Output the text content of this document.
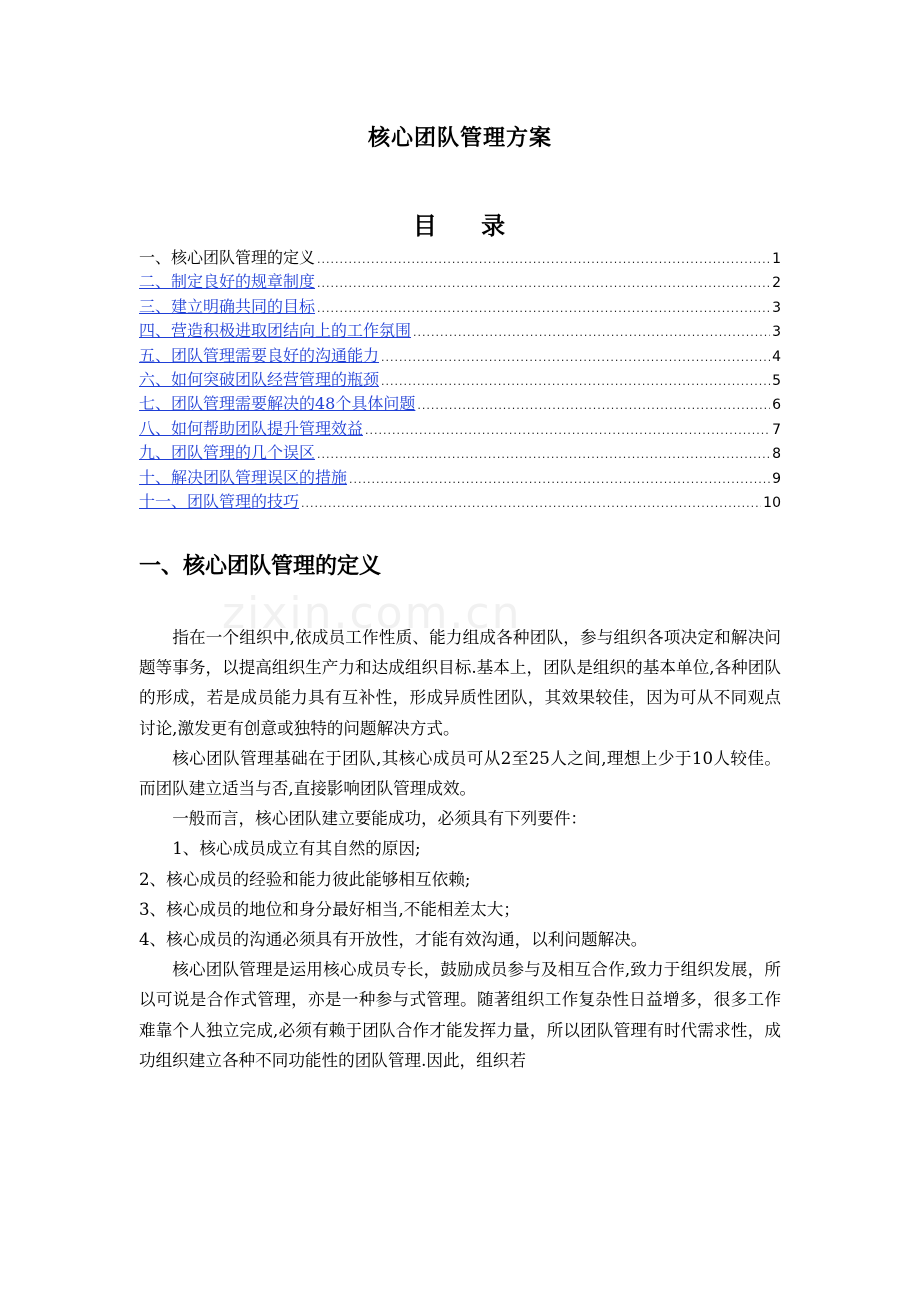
核心团队管理方案
目 录
一、核心团队管理的定义 .....	1
二、制定良好的规章制度 .....	2
三、建立明确共同的目标 .....	3
四、营造积极进取团结向上的工作氛围 .....	3
五、团队管理需要良好的沟通能力 .....	4
六、如何突破团队经营管理的瓶颈 .....	5
七、团队管理需要解决的48个具体问题 .....	6
八、如何帮助团队提升管理效益 .....	7
九、团队管理的几个误区 .....	8
十、解决团队管理误区的措施 .....	9
十一、团队管理的技巧 .....	10
zixin.com.cn
一、核心团队管理的定义

指在一个组织中,依成员工作性质、能力组成各种团队，参与组织各项决定和解决问题等事务，以提高组织生产力和达成组织目标.基本上，团队是组织的基本单位,各种团队的形成，若是成员能力具有互补性，形成异质性团队，其效果较佳，因为可从不同观点讨论,激发更有创意或独特的问题解决方式。

核心团队管理基础在于团队,其核心成员可从2至25人之间,理想上少于10人较佳。而团队建立适当与否,直接影响团队管理成效。

一般而言，核心团队建立要能成功，必须具有下列要件：

1、核心成员成立有其自然的原因;

2、核心成员的经验和能力彼此能够相互依赖;

3、核心成员的地位和身分最好相当,不能相差太大；

4、核心成员的沟通必须具有开放性，才能有效沟通，以利问题解决。

核心团队管理是运用核心成员专长，鼓励成员参与及相互合作,致力于组织发展，所以可说是合作式管理，亦是一种参与式管理。随著组织工作复杂性日益增多，很多工作难靠个人独立完成,必须有赖于团队合作才能发挥力量，所以团队管理有时代需求性，成功组织建立各种不同功能性的团队管理.因此，组织若
